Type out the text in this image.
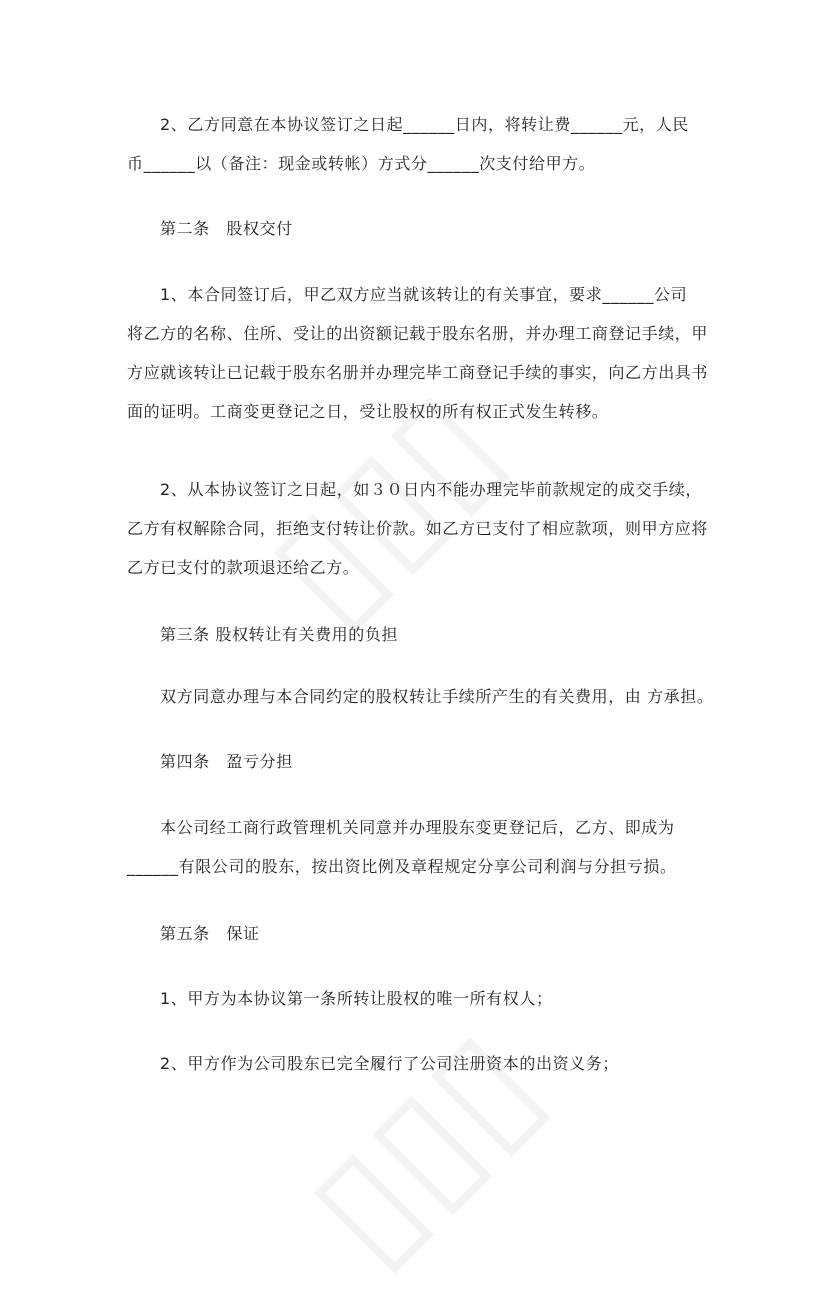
2、乙方同意在本协议签订之日起______日内，将转让费______元，人民
币______以（备注：现金或转帐）方式分______次支付给甲方。
第二条　股权交付
1、本合同签订后，甲乙双方应当就该转让的有关事宜，要求______公司
将乙方的名称、住所、受让的出资额记载于股东名册，并办理工商登记手续，甲
方应就该转让已记载于股东名册并办理完毕工商登记手续的事实，向乙方出具书
面的证明。工商变更登记之日，受让股权的所有权正式发生转移。
2、从本协议签订之日起，如３０日内不能办理完毕前款规定的成交手续，
乙方有权解除合同，拒绝支付转让价款。如乙方已支付了相应款项，则甲方应将
乙方已支付的款项退还给乙方。
第三条 股权转让有关费用的负担
双方同意办理与本合同约定的股权转让手续所产生的有关费用，由 方承担。
第四条　盈亏分担
本公司经工商行政管理机关同意并办理股东变更登记后，乙方、即成为
______有限公司的股东，按出资比例及章程规定分享公司利润与分担亏损。
第五条　保证
1、甲方为本协议第一条所转让股权的唯一所有权人；
2、甲方作为公司股东已完全履行了公司注册资本的出资义务；
